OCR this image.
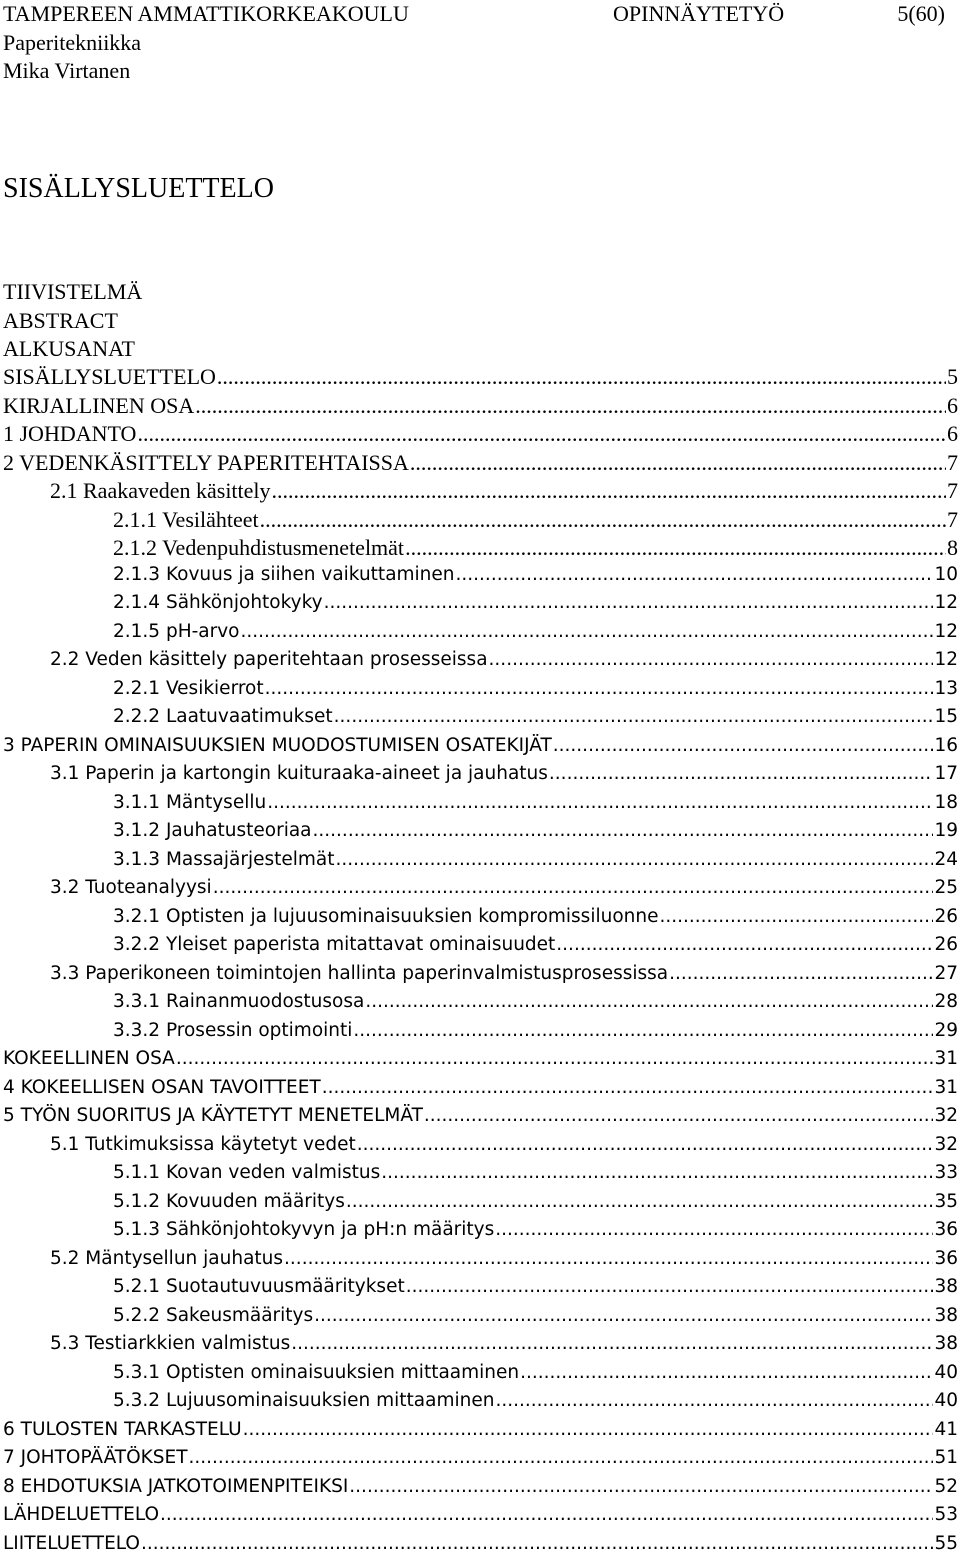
TAMPEREEN AMMATTIKORKEAKOULU
Paperitekniikka
Mika Virtanen
OPINNÄYTETYÖ	5(60)
SISÄLLYSLUETTELO
TIIVISTELMÄ
ABSTRACT
ALKUSANAT
SISÄLLYSLUETTELO .....	5
KIRJALLINEN OSA .....	6
1 JOHDANTO .....	6
2 VEDENKÄSITTELY PAPERITEHTAISSA .....	7
2.1 Raakaveden käsittely .....	7
2.1.1 Vesilähteet .....	7
2.1.2 Vedenpuhdistusmenetelmät .....	8
2.1.3 Kovuus ja siihen vaikuttaminen .....	10
2.1.4 Sähkönjohtokyky .....	12
2.1.5 pH-arvo .....	12
2.2 Veden käsittely paperitehtaan prosesseissa .....	12
2.2.1 Vesikierrot .....	13
2.2.2 Laatuvaatimukset .....	15
3 PAPERIN OMINAISUUKSIEN MUODOSTUMISEN OSATEKIJÄT .....	16
3.1 Paperin ja kartongin kuituraaka-aineet ja jauhatus .....	17
3.1.1 Mäntysellu .....	18
3.1.2 Jauhatusteoriaa .....	19
3.1.3 Massajärjestelmät .....	24
3.2 Tuoteanalyysi .....	25
3.2.1 Optisten ja lujuusominaisuuksien kompromissiluonne .....	26
3.2.2 Yleiset paperista mitattavat ominaisuudet .....	26
3.3 Paperikoneen toimintojen hallinta paperinvalmistusprosessissa .....	27
3.3.1 Rainanmuodostusosa .....	28
3.3.2 Prosessin optimointi .....	29
KOKEELLINEN OSA .....	31
4 KOKEELLISEN OSAN TAVOITTEET .....	31
5 TYÖN SUORITUS JA KÄYTETYT MENETELMÄT .....	32
5.1 Tutkimuksissa käytetyt vedet .....	32
5.1.1 Kovan veden valmistus .....	33
5.1.2 Kovuuden määritys .....	35
5.1.3 Sähkönjohtokyvyn ja pH:n määritys .....	36
5.2 Mäntysellun jauhatus .....	36
5.2.1 Suotautuvuusmääritykset .....	38
5.2.2 Sakeusmääritys .....	38
5.3 Testiarkkien valmistus .....	38
5.3.1 Optisten ominaisuuksien mittaaminen .....	40
5.3.2 Lujuusominaisuuksien mittaaminen .....	40
6 TULOSTEN TARKASTELU .....	41
7 JOHTOPÄÄTÖKSET .....	51
8 EHDOTUKSIA JATKOTOIMENPITEIKSI .....	52
LÄHDELUETTELO .....	53
LIITELUETTELO .....	55
